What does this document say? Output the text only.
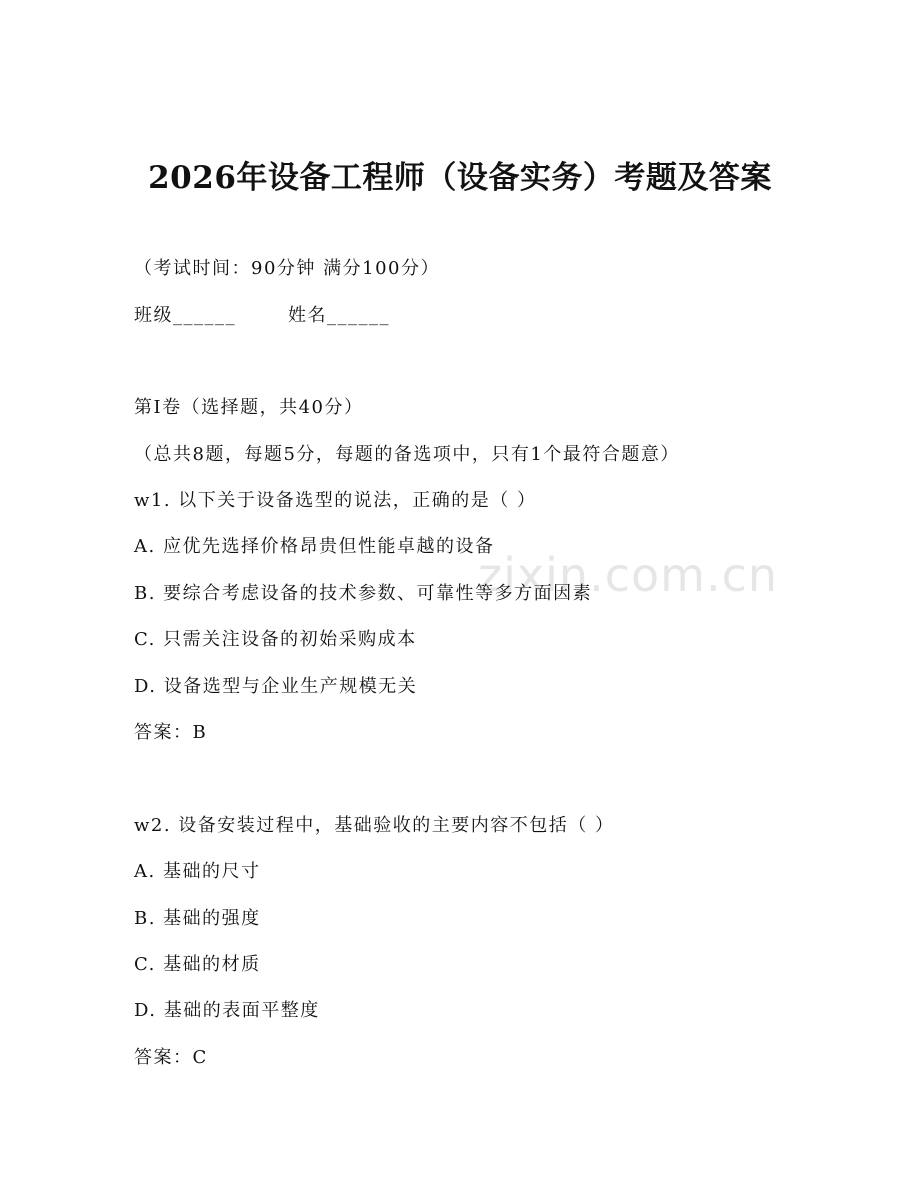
zixin.com.cn
2026年设备工程师（设备实务）考题及答案
（考试时间：90分钟 满分100分）
班级______	姓名______
第I卷（选择题，共40分）
（总共8题，每题5分，每题的备选项中，只有1个最符合题意）
w1. 以下关于设备选型的说法，正确的是（ ）
A. 应优先选择价格昂贵但性能卓越的设备
B. 要综合考虑设备的技术参数、可靠性等多方面因素
C. 只需关注设备的初始采购成本
D. 设备选型与企业生产规模无关
答案：B
w2. 设备安装过程中，基础验收的主要内容不包括（ ）
A. 基础的尺寸
B. 基础的强度
C. 基础的材质
D. 基础的表面平整度
答案：C
